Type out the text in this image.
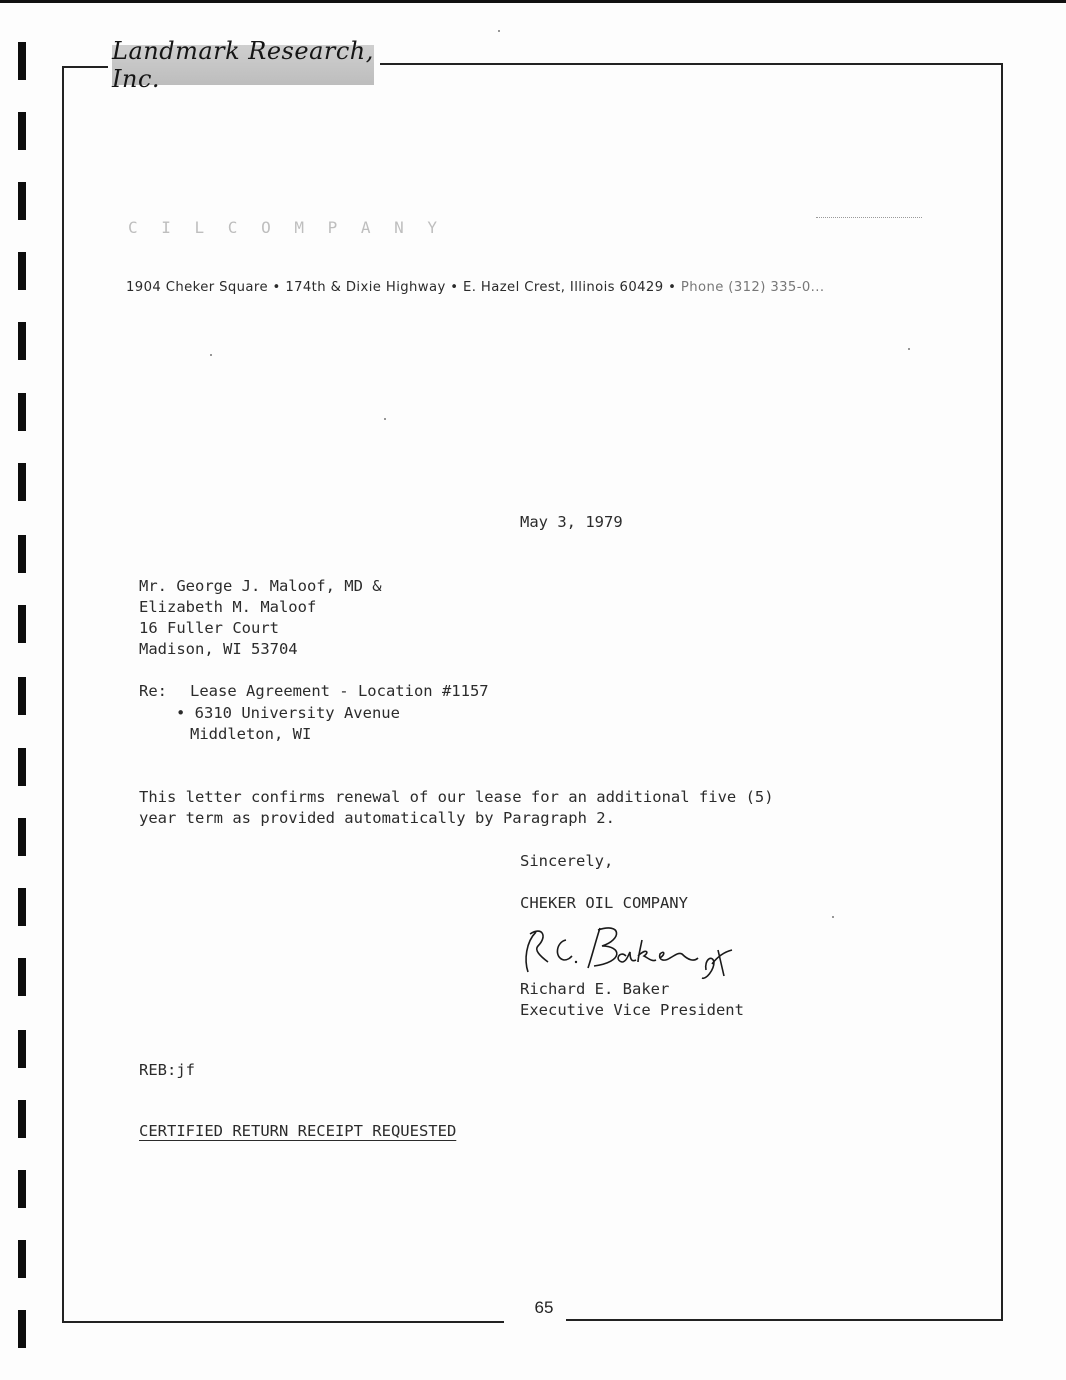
Landmark Research, Inc.
C I L C O M P A N Y
1904 Cheker Square • 174th & Dixie Highway • E. Hazel Crest, Illinois 60429 • Phone (312) 335-0...
May 3, 1979
Mr. George J. Maloof, MD &
Elizabeth M. Maloof
16 Fuller Court
Madison, WI 53704
Re: Lease Agreement - Location #1157
• 6310 University Avenue
Middleton, WI
This letter confirms renewal of our lease for an additional five (5)
year term as provided automatically by Paragraph 2.
Sincerely,
CHEKER OIL COMPANY
Richard E. Baker
Executive Vice President
REB:jf
CERTIFIED RETURN RECEIPT REQUESTED
65
